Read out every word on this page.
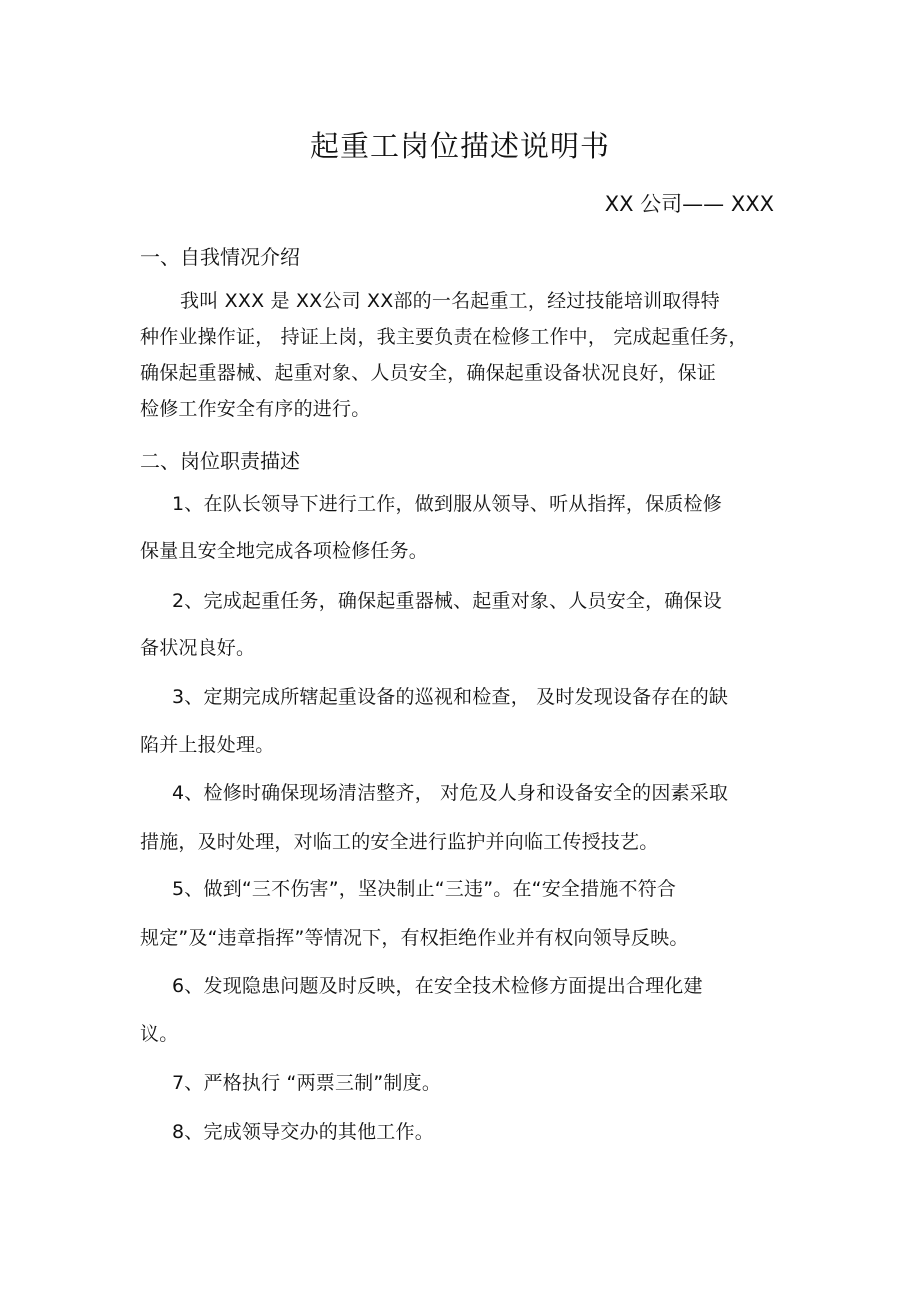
起重工岗位描述说明书
XX 公司—— XXX
一、自我情况介绍
我叫 XXX 是 XX公司 XX部的一名起重工，经过技能培训取得特
种作业操作证， 持证上岗，我主要负责在检修工作中， 完成起重任务，
确保起重器械、起重对象、人员安全，确保起重设备状况良好，保证
检修工作安全有序的进行。
二、岗位职责描述
1、在队长领导下进行工作，做到服从领导、听从指挥，保质检修
保量且安全地完成各项检修任务。
2、完成起重任务，确保起重器械、起重对象、人员安全，确保设
备状况良好。
3、定期完成所辖起重设备的巡视和检查， 及时发现设备存在的缺
陷并上报处理。
4、检修时确保现场清洁整齐， 对危及人身和设备安全的因素采取
措施，及时处理，对临工的安全进行监护并向临工传授技艺。
5、做到“三不伤害”，坚决制止“三违”。在“安全措施不符合
规定”及“违章指挥”等情况下，有权拒绝作业并有权向领导反映。
6、发现隐患问题及时反映，在安全技术检修方面提出合理化建
议。
7、严格执行 “两票三制”制度。
8、完成领导交办的其他工作。
